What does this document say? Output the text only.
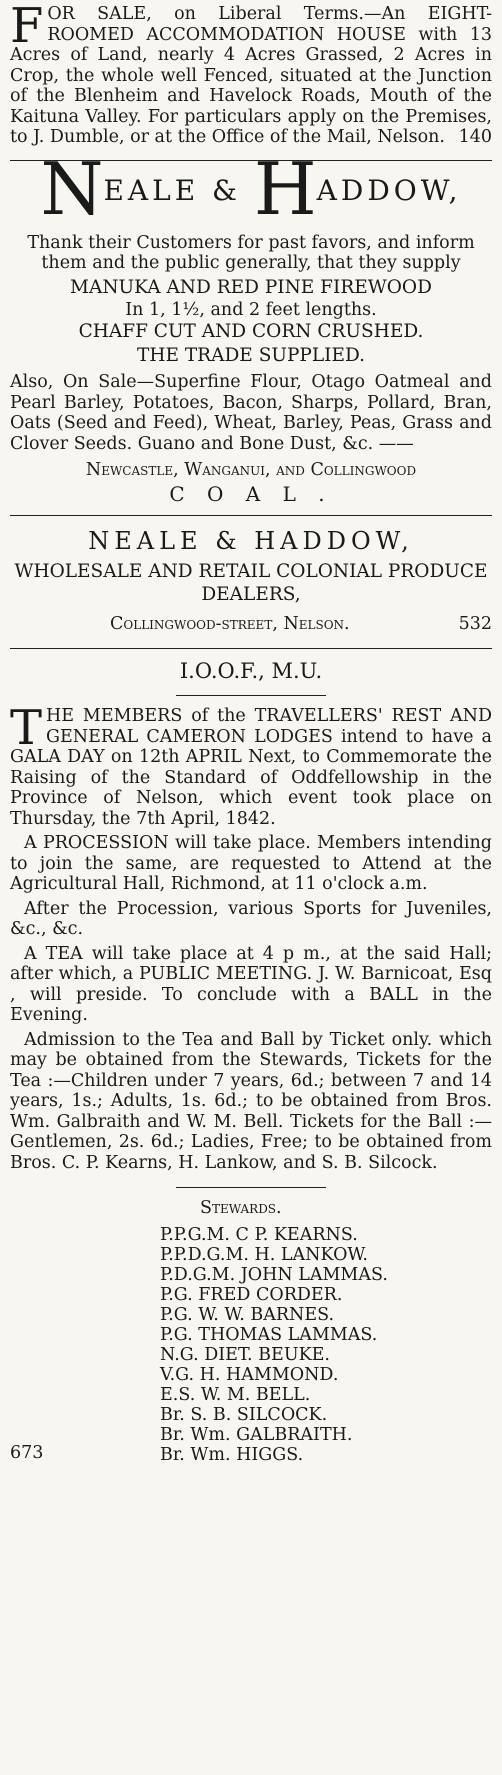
F OR SALE, on Liberal Terms.—An EIGHT-ROOMED ACCOMMODATION HOUSE with 13 Acres of Land, nearly 4 Acres Grassed, 2 Acres in Crop, the whole well Fenced, situated at the Junction of the Blenheim and Havelock Roads, Mouth of the Kaituna Valley. For particulars apply on the Premises, to J. Dumble, or at the Office of the Mail, Nelson. 140
NEALE & HADDOW,
Thank their Customers for past favors, and inform them and the public generally, that they supply
MANUKA AND RED PINE FIREWOOD
In 1, 1½, and 2 feet lengths.
CHAFF CUT AND CORN CRUSHED.
THE TRADE SUPPLIED.
Also, On Sale—Superfine Flour, Otago Oatmeal and Pearl Barley, Potatoes, Bacon, Sharps, Pollard, Bran, Oats (Seed and Feed), Wheat, Barley, Peas, Grass and Clover Seeds. Guano and Bone Dust, &c. ——
Newcastle, Wanganui, and Collingwood
C O A L .
NEALE & HADDOW,
WHOLESALE AND RETAIL COLONIAL PRODUCE DEALERS,
Collingwood-street, Nelson.	532
I.O.O.F., M.U.
THE MEMBERS of the TRAVELLERS' REST AND GENERAL CAMERON LODGES intend to have a GALA DAY on 12th APRIL Next, to Commemorate the Raising of the Standard of Oddfellowship in the Province of Nelson, which event took place on Thursday, the 7th April, 1842.
A PROCESSION will take place. Members intending to join the same, are requested to Attend at the Agricultural Hall, Richmond, at 11 o'clock a.m.
After the Procession, various Sports for Juveniles, &c., &c.
A TEA will take place at 4 p m., at the said Hall; after which, a PUBLIC MEETING. J. W. Barnicoat, Esq , will preside. To conclude with a BALL in the Evening.
Admission to the Tea and Ball by Ticket only. which may be obtained from the Stewards, Tickets for the Tea :—Children under 7 years, 6d.; between 7 and 14 years, 1s.; Adults, 1s. 6d.; to be obtained from Bros. Wm. Galbraith and W. M. Bell. Tickets for the Ball :—Gentlemen, 2s. 6d.; Ladies, Free; to be obtained from Bros. C. P. Kearns, H. Lankow, and S. B. Silcock.
Stewards.
P.P.G.M. C P. KEARNS.
P.P.D.G.M. H. LANKOW.
P.D.G.M. JOHN LAMMAS.
P.G. FRED CORDER.
P.G. W. W. BARNES.
P.G. THOMAS LAMMAS.
N.G. DIET. BEUKE.
V.G. H. HAMMOND.
E.S. W. M. BELL.
Br. S. B. SILCOCK.
Br. Wm. GALBRAITH.
Br. Wm. HIGGS.
673
